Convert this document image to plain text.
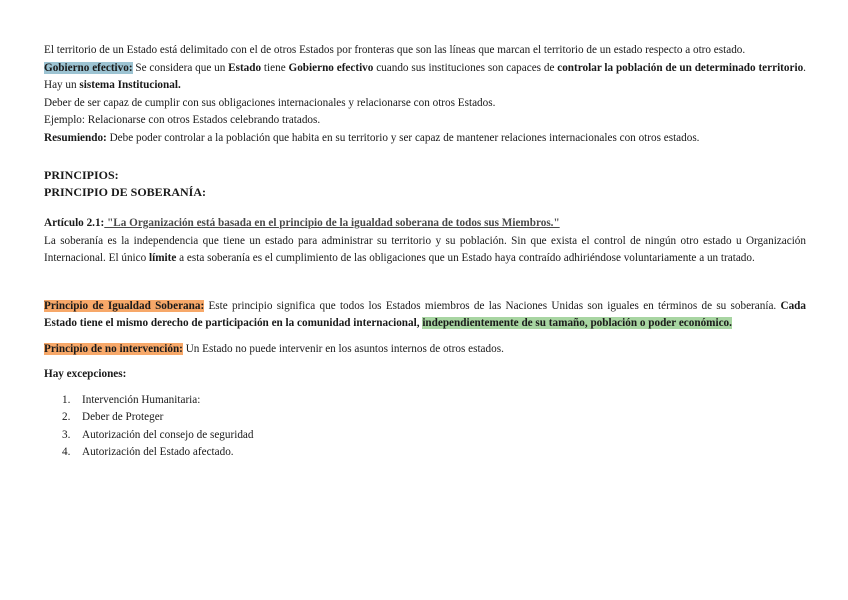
El territorio de un Estado está delimitado con el de otros Estados por fronteras que son las líneas que marcan el territorio de un estado respecto a otro estado.

Gobierno efectivo: Se considera que un Estado tiene Gobierno efectivo cuando sus instituciones son capaces de controlar la población de un determinado territorio. Hay un sistema Institucional.

Deber de ser capaz de cumplir con sus obligaciones internacionales y relacionarse con otros Estados.

Ejemplo: Relacionarse con otros Estados celebrando tratados.

Resumiendo: Debe poder controlar a la población que habita en su territorio y ser capaz de mantener relaciones internacionales con otros estados.

PRINCIPIOS:

PRINCIPIO DE SOBERANÍA:

Artículo 2.1: "La Organización está basada en el principio de la igualdad soberana de todos sus Miembros."

La soberanía es la independencia que tiene un estado para administrar su territorio y su población. Sin que exista el control de ningún otro estado u Organización Internacional. El único límite a esta soberanía es el cumplimiento de las obligaciones que un Estado haya contraído adhiriéndose voluntariamente a un tratado.

Principio de Igualdad Soberana: Este principio significa que todos los Estados miembros de las Naciones Unidas son iguales en términos de su soberanía. Cada Estado tiene el mismo derecho de participación en la comunidad internacional, independientemente de su tamaño, población o poder económico.

Principio de no intervención: Un Estado no puede intervenir en los asuntos internos de otros estados.

Hay excepciones:

1.	Intervención Humanitaria:
2.	Deber de Proteger
3.	Autorización del consejo de seguridad
4.	Autorización del Estado afectado.
